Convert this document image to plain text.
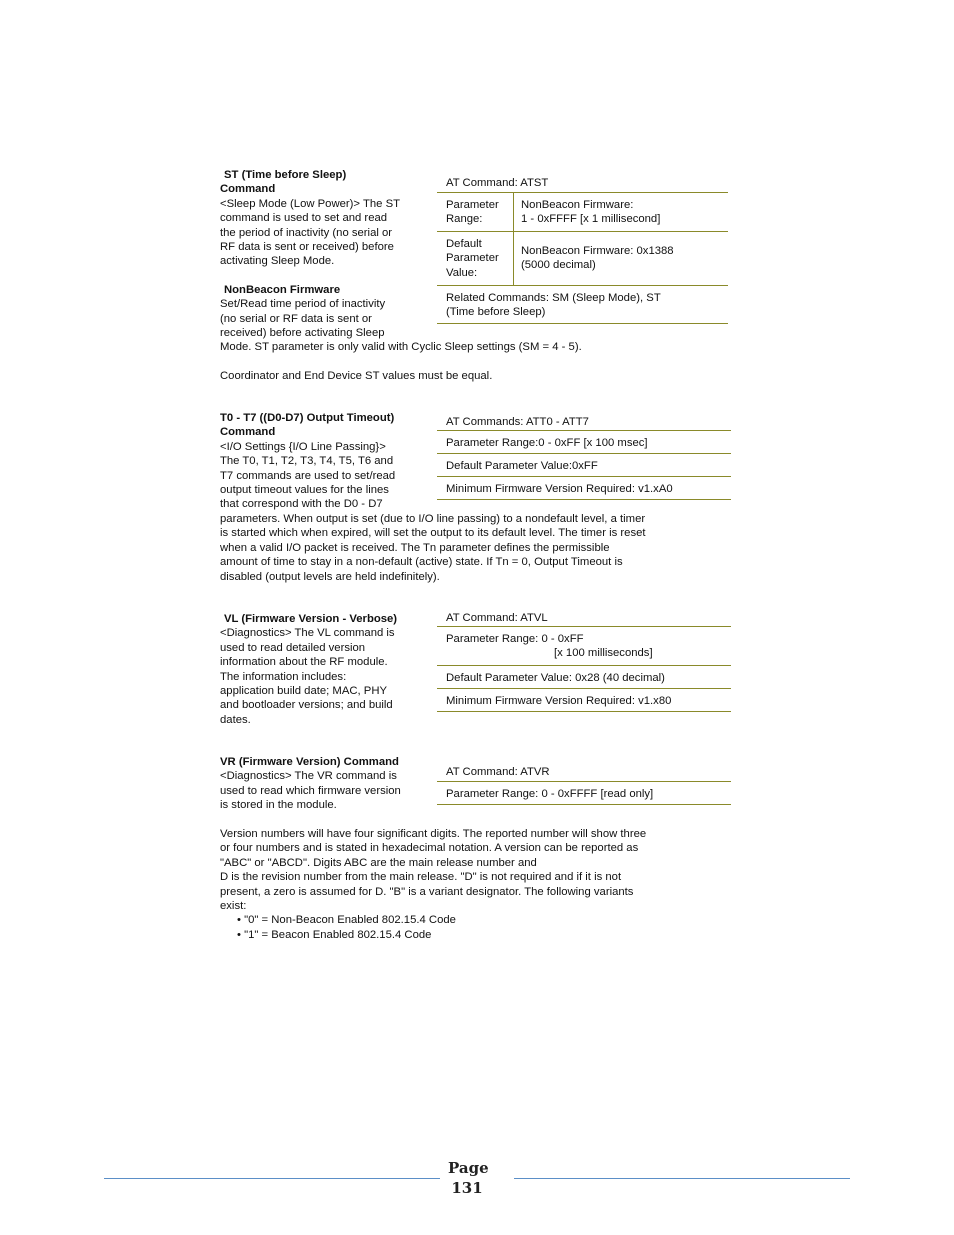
ST (Time before Sleep)
Command
<Sleep Mode (Low Power)> The ST
command is used to set and read
the period of inactivity (no serial or
RF data is sent or received) before
activating Sleep Mode.
NonBeacon Firmware
Set/Read time period of inactivity
(no serial or RF data is sent or
received) before activating Sleep
Mode. ST parameter is only valid with Cyclic Sleep settings (SM = 4 - 5).
Coordinator and End Device ST values must be equal.
AT Command: ATST
Parameter
Range:
NonBeacon Firmware:
1 - 0xFFFF [x 1 millisecond]
Default
Parameter
Value:
NonBeacon Firmware: 0x1388
(5000 decimal)
Related Commands: SM (Sleep Mode), ST
(Time before Sleep)
T0 - T7 ((D0-D7) Output Timeout)
Command
<I/O Settings {I/O Line Passing}>
The T0, T1, T2, T3, T4, T5, T6 and
T7 commands are used to set/read
output timeout values for the lines
that correspond with the D0 - D7
parameters. When output is set (due to I/O line passing) to a nondefault level, a timer
is started which when expired, will set the output to its default level. The timer is reset
when a valid I/O packet is received. The Tn parameter defines the permissible
amount of time to stay in a non-default (active) state. If Tn = 0, Output Timeout is
disabled (output levels are held indefinitely).
AT Commands: ATT0 - ATT7
Parameter Range:0 - 0xFF [x 100 msec]
Default Parameter Value:0xFF
Minimum Firmware Version Required: v1.xA0
VL (Firmware Version - Verbose)
<Diagnostics> The VL command is
used to read detailed version
information about the RF module.
The information includes:
application build date; MAC, PHY
and bootloader versions; and build
dates.
AT Command: ATVL
Parameter Range: 0 - 0xFF
[x 100 milliseconds]
Default Parameter Value: 0x28 (40 decimal)
Minimum Firmware Version Required: v1.x80
VR (Firmware Version) Command
<Diagnostics> The VR command is
used to read which firmware version
is stored in the module.
AT Command: ATVR
Parameter Range: 0 - 0xFFFF [read only]
Version numbers will have four significant digits. The reported number will show three
or four numbers and is stated in hexadecimal notation. A version can be reported as
"ABC" or "ABCD". Digits ABC are the main release number and
D is the revision number from the main release. "D" is not required and if it is not
present, a zero is assumed for D. "B" is a variant designator. The following variants
exist:
• "0" = Non-Beacon Enabled 802.15.4 Code
• "1" = Beacon Enabled 802.15.4 Code
Page
131
